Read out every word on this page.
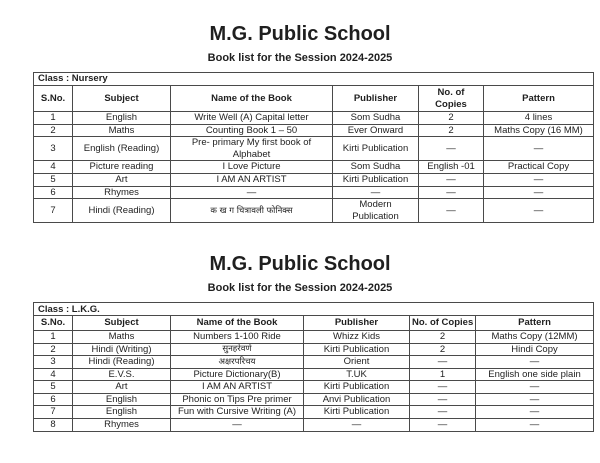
M.G. Public School
Book list for the Session 2024-2025
Class : Nursery					
S.No.	Subject	Name of the Book	Publisher	No. of Copies	Pattern
1	English	Write Well (A) Capital letter	Som Sudha	2	4 lines
2	Maths	Counting Book 1 – 50	Ever Onward	2	Maths Copy (16 MM)
3	English (Reading)	Pre- primary My first book of Alphabet	Kirti Publication	—	—
4	Picture reading	I Love Picture	Som Sudha	English -01	Practical Copy
5	Art	I AM AN ARTIST	Kirti Publication	—	—
6	Rhymes	—	—	—	—
7	Hindi (Reading)	क ख ग चित्रावली फोनिक्स	Modern Publication	—	—
M.G. Public School
Book list for the Session 2024-2025
Class : L.K.G.					
S.No.	Subject	Name of the Book	Publisher	No. of Copies	Pattern
1	Maths	Numbers 1-100 Ride	Whizz Kids	2	Maths Copy (12MM)
2	Hindi (Writing)	सुनहरेवर्ण	Kirti Publication	2	Hindi Copy
3	Hindi (Reading)	अक्षरपरिचय	Orient	—	—
4	E.V.S.	Picture Dictionary(B)	T.UK	1	English one side plain
5	Art	I AM AN ARTIST	Kirti Publication	—	—
6	English	Phonic on Tips Pre primer	Anvi Publication	—	—
7	English	Fun with Cursive Writing (A)	Kirti Publication	—	—
8	Rhymes	—	—	—	—
